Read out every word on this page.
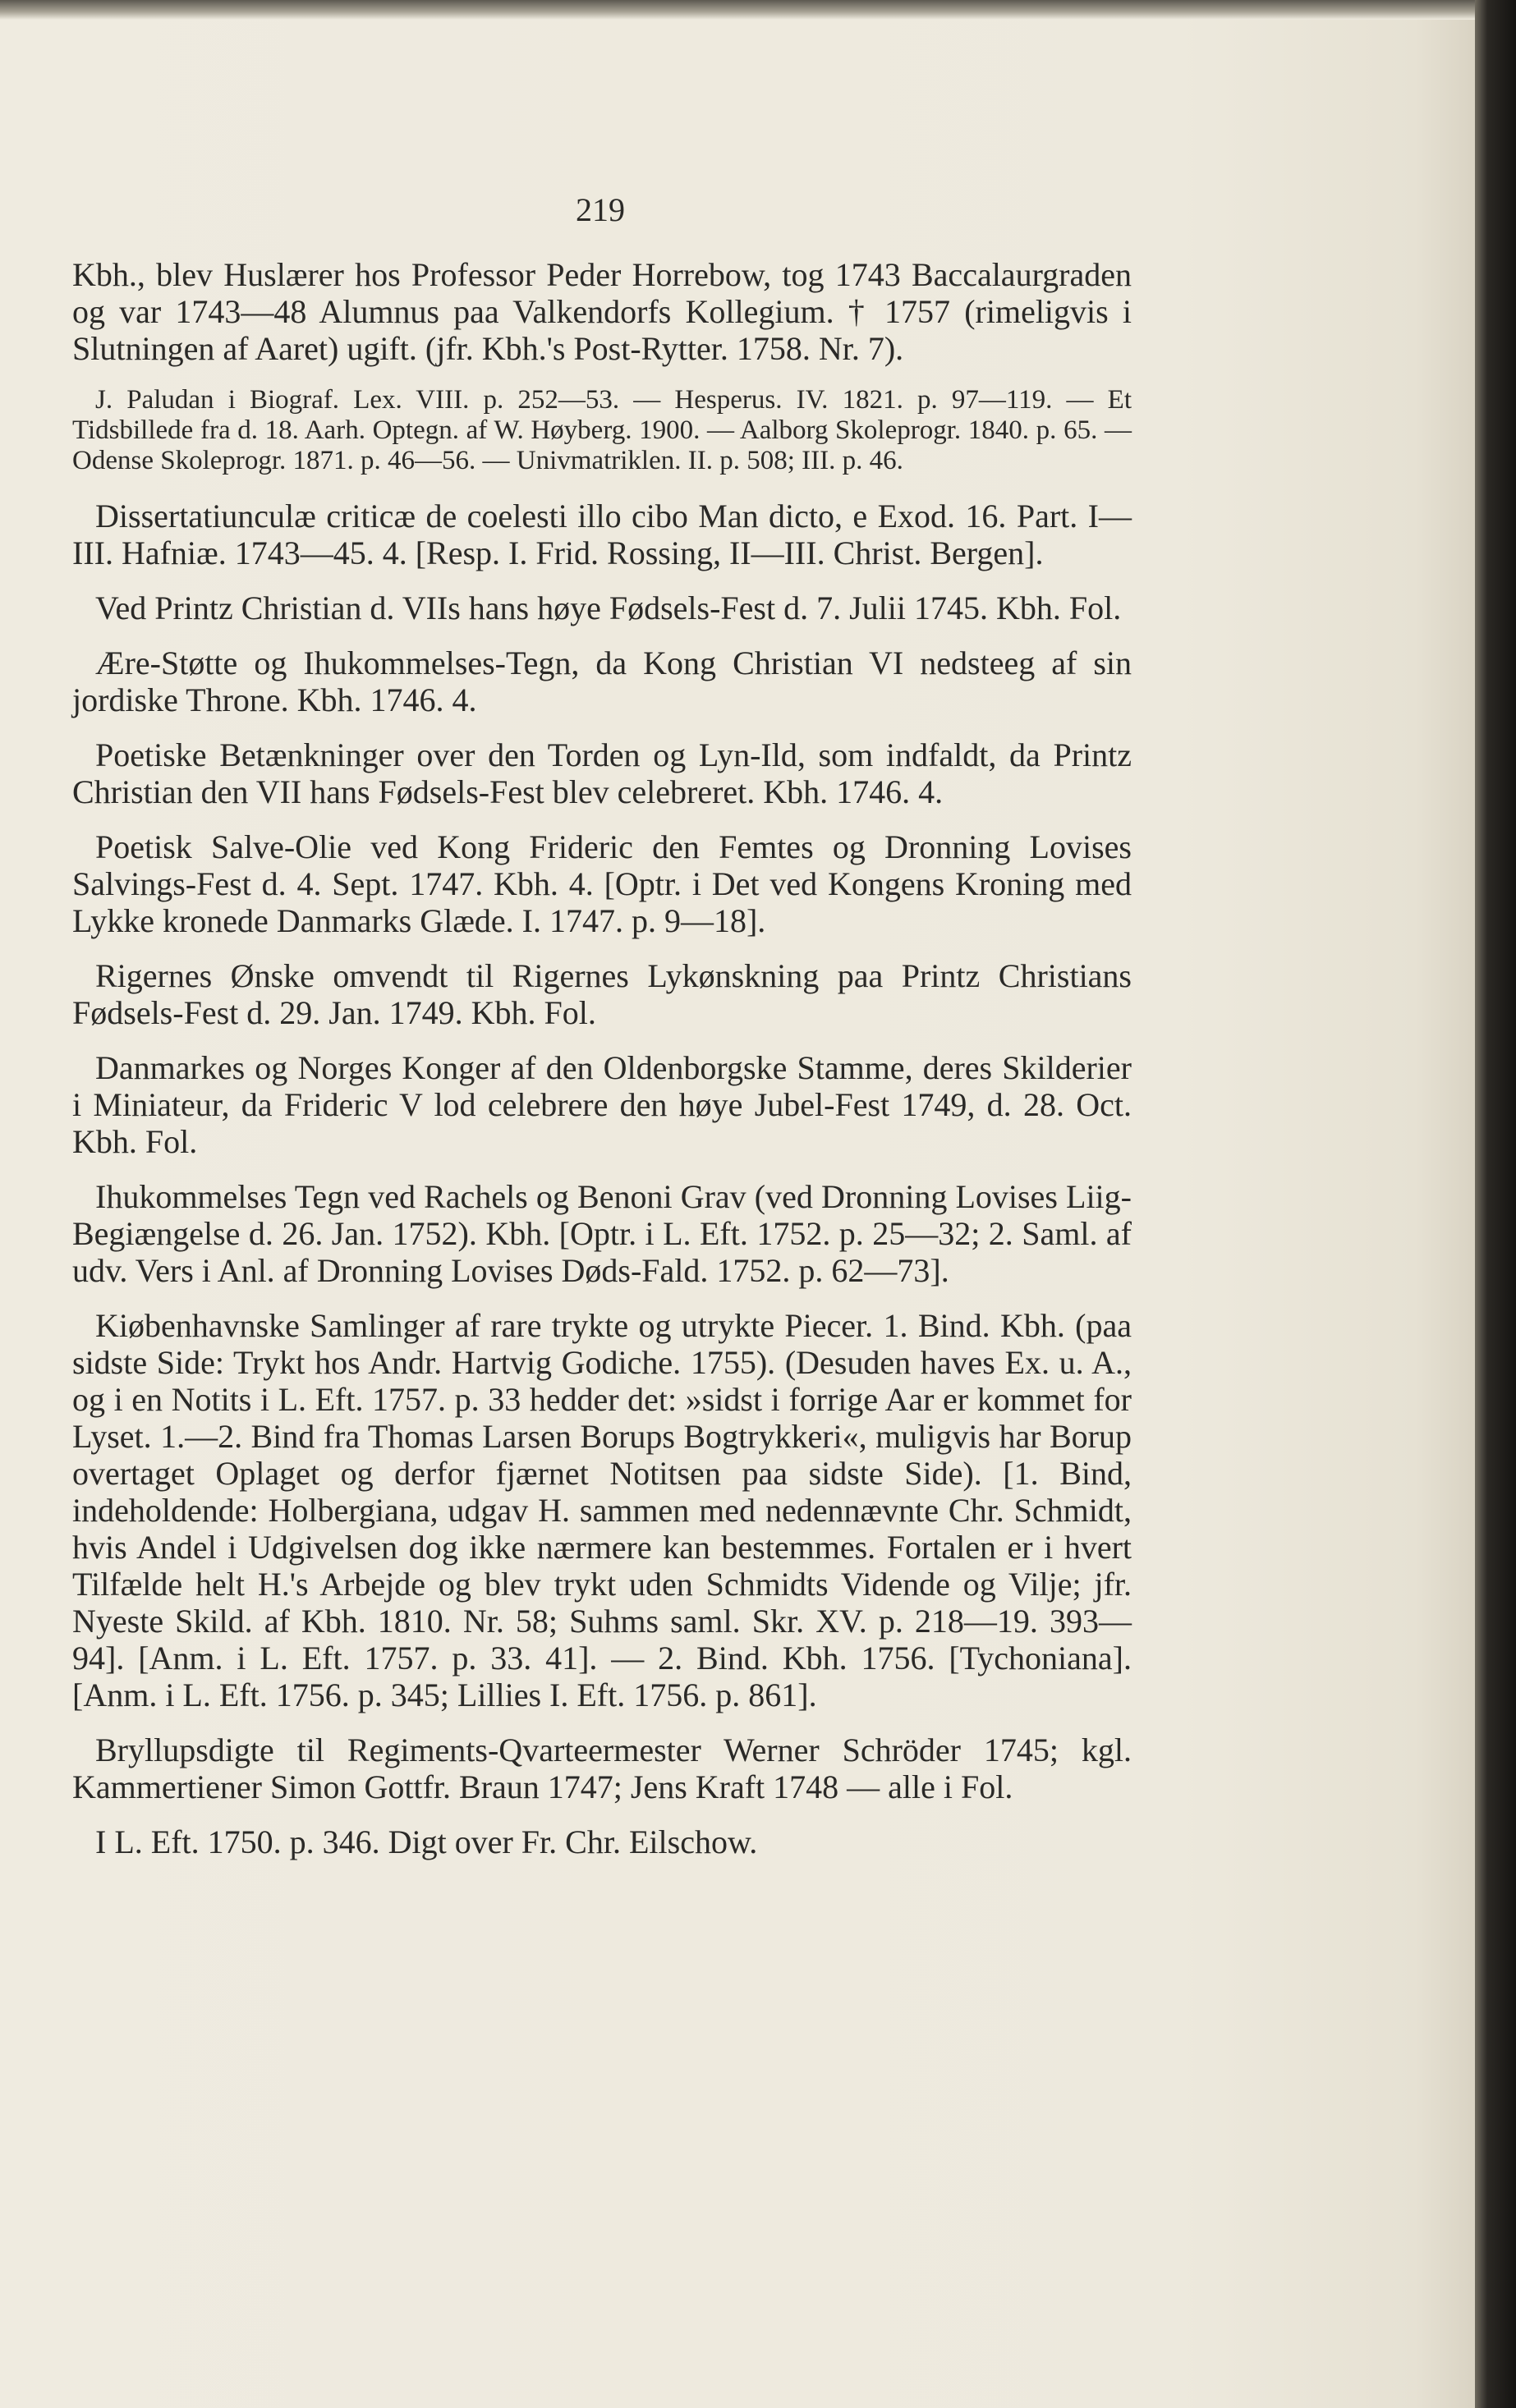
219

Kbh., blev Huslærer hos Professor Peder Horrebow, tog 1743 Baccalaurgraden og var 1743—48 Alumnus paa Valkendorfs Kollegium. † 1757 (rimeligvis i Slutningen af Aaret) ugift. (jfr. Kbh.'s Post-Rytter. 1758. Nr. 7).

J. Paludan i Biograf. Lex. VIII. p. 252—53. — Hesperus. IV. 1821. p. 97—119. — Et Tidsbillede fra d. 18. Aarh. Optegn. af W. Høyberg. 1900. — Aalborg Skoleprogr. 1840. p. 65. — Odense Skoleprogr. 1871. p. 46—56. — Univmatriklen. II. p. 508; III. p. 46.

Dissertatiunculæ criticæ de coelesti illo cibo Man dicto, e Exod. 16. Part. I—III. Hafniæ. 1743—45. 4. [Resp. I. Frid. Rossing, II—III. Christ. Bergen].

Ved Printz Christian d. VIIs hans høye Fødsels-Fest d. 7. Julii 1745. Kbh. Fol.

Ære-Støtte og Ihukommelses-Tegn, da Kong Christian VI nedsteeg af sin jordiske Throne. Kbh. 1746. 4.

Poetiske Betænkninger over den Torden og Lyn-Ild, som indfaldt, da Printz Christian den VII hans Fødsels-Fest blev celebreret. Kbh. 1746. 4.

Poetisk Salve-Olie ved Kong Frideric den Femtes og Dronning Lovises Salvings-Fest d. 4. Sept. 1747. Kbh. 4. [Optr. i Det ved Kongens Kroning med Lykke kronede Danmarks Glæde. I. 1747. p. 9—18].

Rigernes Ønske omvendt til Rigernes Lykønskning paa Printz Christians Fødsels-Fest d. 29. Jan. 1749. Kbh. Fol.

Danmarkes og Norges Konger af den Oldenborgske Stamme, deres Skilderier i Miniateur, da Frideric V lod celebrere den høye Jubel-Fest 1749, d. 28. Oct. Kbh. Fol.

Ihukommelses Tegn ved Rachels og Benoni Grav (ved Dronning Lovises Liig-Begiængelse d. 26. Jan. 1752). Kbh. [Optr. i L. Eft. 1752. p. 25—32; 2. Saml. af udv. Vers i Anl. af Dronning Lovises Døds-Fald. 1752. p. 62—73].

Kiøbenhavnske Samlinger af rare trykte og utrykte Piecer. 1. Bind. Kbh. (paa sidste Side: Trykt hos Andr. Hartvig Godiche. 1755). (Desuden haves Ex. u. A., og i en Notits i L. Eft. 1757. p. 33 hedder det: »sidst i forrige Aar er kommet for Lyset. 1.—2. Bind fra Thomas Larsen Borups Bogtrykkeri«, muligvis har Borup overtaget Oplaget og derfor fjærnet Notitsen paa sidste Side). [1. Bind, indeholdende: Holbergiana, udgav H. sammen med nedennævnte Chr. Schmidt, hvis Andel i Udgivelsen dog ikke nærmere kan bestemmes. Fortalen er i hvert Tilfælde helt H.'s Arbejde og blev trykt uden Schmidts Vidende og Vilje; jfr. Nyeste Skild. af Kbh. 1810. Nr. 58; Suhms saml. Skr. XV. p. 218—19. 393—94]. [Anm. i L. Eft. 1757. p. 33. 41]. — 2. Bind. Kbh. 1756. [Tychoniana]. [Anm. i L. Eft. 1756. p. 345; Lillies I. Eft. 1756. p. 861].

Bryllupsdigte til Regiments-Qvarteermester Werner Schröder 1745; kgl. Kammertiener Simon Gottfr. Braun 1747; Jens Kraft 1748 — alle i Fol.

I L. Eft. 1750. p. 346. Digt over Fr. Chr. Eilschow.
